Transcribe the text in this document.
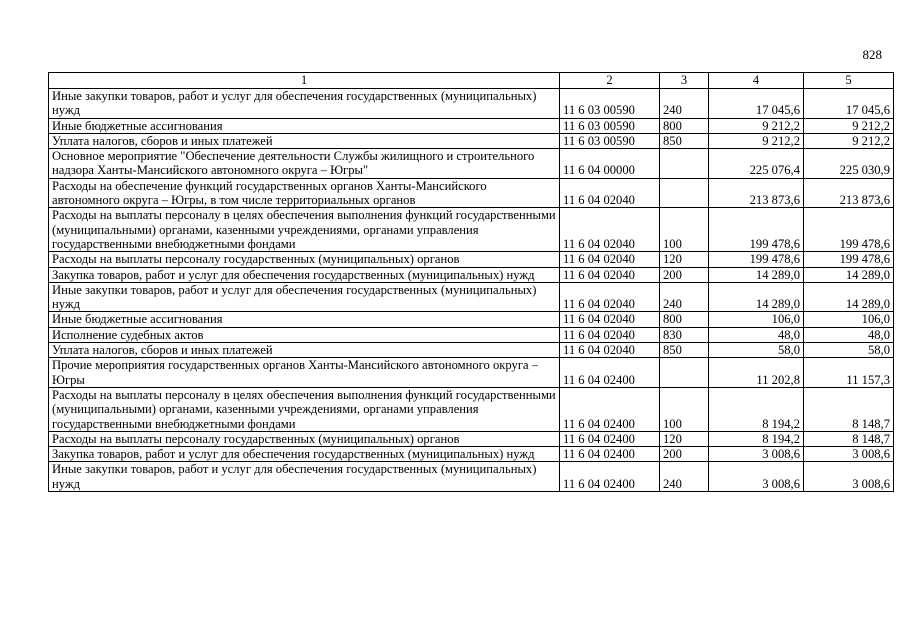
828
1	2	3	4	5
Иные закупки товаров, работ и услуг для обеспечения государственных (муниципальных) нужд	11 6 03 00590	240	17 045,6	17 045,6
Иные бюджетные ассигнования	11 6 03 00590	800	9 212,2	9 212,2
Уплата налогов, сборов и иных платежей	11 6 03 00590	850	9 212,2	9 212,2
Основное мероприятие "Обеспечение деятельности Службы жилищного и строительного надзора Ханты-Мансийского автономного округа – Югры"	11 6 04 00000		225 076,4	225 030,9
Расходы на обеспечение функций государственных органов Ханты-Мансийского автономного округа – Югры, в том числе территориальных органов	11 6 04 02040		213 873,6	213 873,6
Расходы на выплаты персоналу в целях обеспечения выполнения функций государственными (муниципальными) органами, казенными учреждениями, органами управления государственными внебюджетными фондами	11 6 04 02040	100	199 478,6	199 478,6
Расходы на выплаты персоналу государственных (муниципальных) органов	11 6 04 02040	120	199 478,6	199 478,6
Закупка товаров, работ и услуг для обеспечения государственных (муниципальных) нужд	11 6 04 02040	200	14 289,0	14 289,0
Иные закупки товаров, работ и услуг для обеспечения государственных (муниципальных) нужд	11 6 04 02040	240	14 289,0	14 289,0
Иные бюджетные ассигнования	11 6 04 02040	800	106,0	106,0
Исполнение судебных актов	11 6 04 02040	830	48,0	48,0
Уплата налогов, сборов и иных платежей	11 6 04 02040	850	58,0	58,0
Прочие мероприятия государственных органов Ханты-Мансийского автономного округа – Югры	11 6 04 02400		11 202,8	11 157,3
Расходы на выплаты персоналу в целях обеспечения выполнения функций государственными (муниципальными) органами, казенными учреждениями, органами управления государственными внебюджетными фондами	11 6 04 02400	100	8 194,2	8 148,7
Расходы на выплаты персоналу государственных (муниципальных) органов	11 6 04 02400	120	8 194,2	8 148,7
Закупка товаров, работ и услуг для обеспечения государственных (муниципальных) нужд	11 6 04 02400	200	3 008,6	3 008,6
Иные закупки товаров, работ и услуг для обеспечения государственных (муниципальных) нужд	11 6 04 02400	240	3 008,6	3 008,6
